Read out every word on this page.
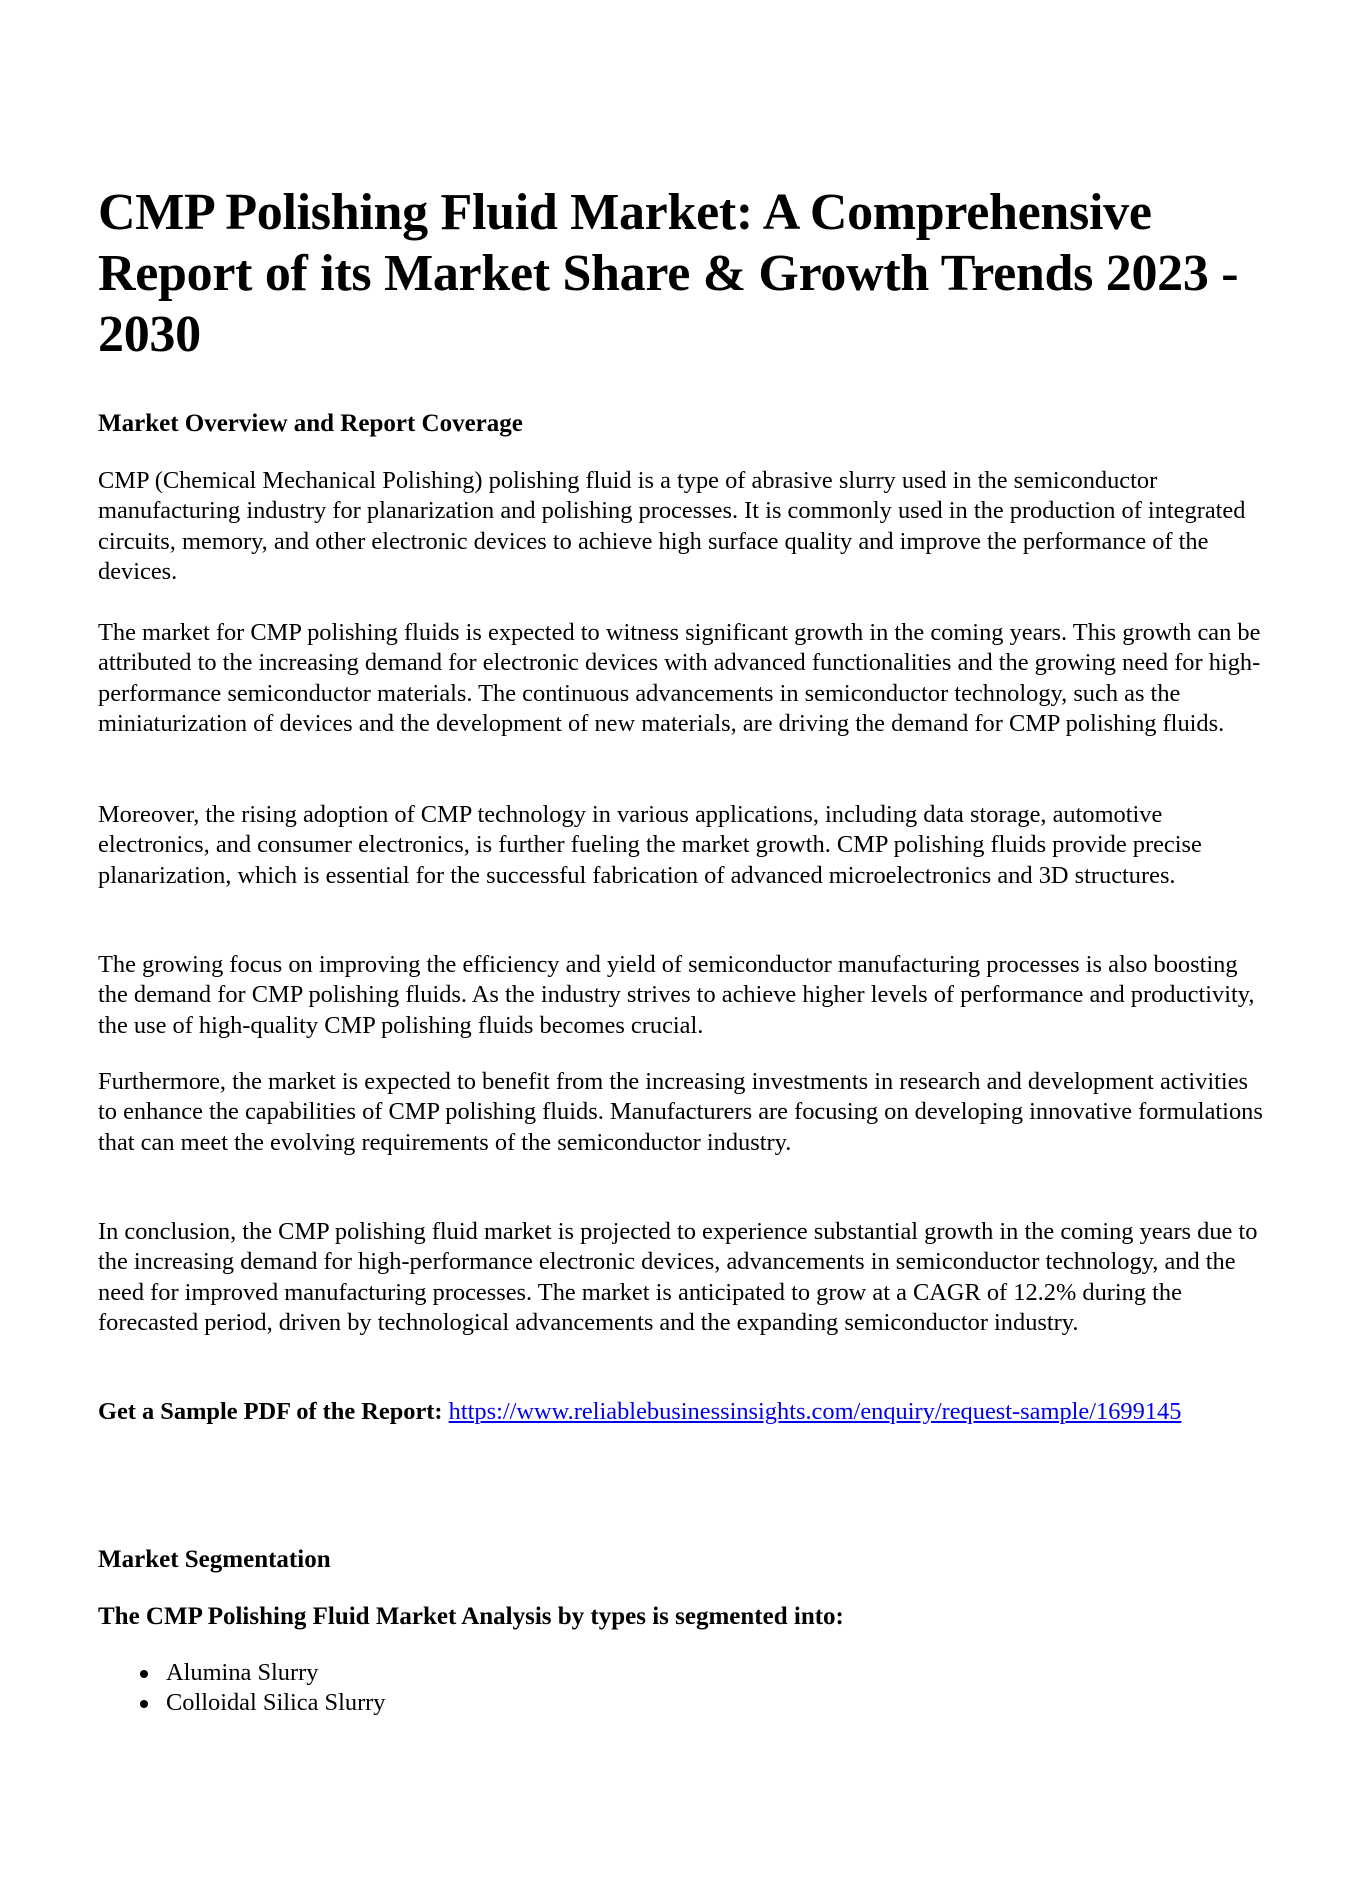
CMP Polishing Fluid Market: A Comprehensive Report of its Market Share & Growth Trends 2023 - 2030
Market Overview and Report Coverage

CMP (Chemical Mechanical Polishing) polishing fluid is a type of abrasive slurry used in the semiconductor manufacturing industry for planarization and polishing processes. It is commonly used in the production of integrated circuits, memory, and other electronic devices to achieve high surface quality and improve the performance of the devices.

The market for CMP polishing fluids is expected to witness significant growth in the coming years. This growth can be attributed to the increasing demand for electronic devices with advanced functionalities and the growing need for high-performance semiconductor materials. The continuous advancements in semiconductor technology, such as the miniaturization of devices and the development of new materials, are driving the demand for CMP polishing fluids.

Moreover, the rising adoption of CMP technology in various applications, including data storage, automotive electronics, and consumer electronics, is further fueling the market growth. CMP polishing fluids provide precise planarization, which is essential for the successful fabrication of advanced microelectronics and 3D structures.

The growing focus on improving the efficiency and yield of semiconductor manufacturing processes is also boosting the demand for CMP polishing fluids. As the industry strives to achieve higher levels of performance and productivity, the use of high-quality CMP polishing fluids becomes crucial.

Furthermore, the market is expected to benefit from the increasing investments in research and development activities to enhance the capabilities of CMP polishing fluids. Manufacturers are focusing on developing innovative formulations that can meet the evolving requirements of the semiconductor industry.

In conclusion, the CMP polishing fluid market is projected to experience substantial growth in the coming years due to the increasing demand for high-performance electronic devices, advancements in semiconductor technology, and the need for improved manufacturing processes. The market is anticipated to grow at a CAGR of 12.2% during the forecasted period, driven by technological advancements and the expanding semiconductor industry.

Get a Sample PDF of the Report: https://www.reliablebusinessinsights.com/enquiry/request-sample/1699145

Market Segmentation
The CMP Polishing Fluid Market Analysis by types is segmented into:
Alumina Slurry
Colloidal Silica Slurry
